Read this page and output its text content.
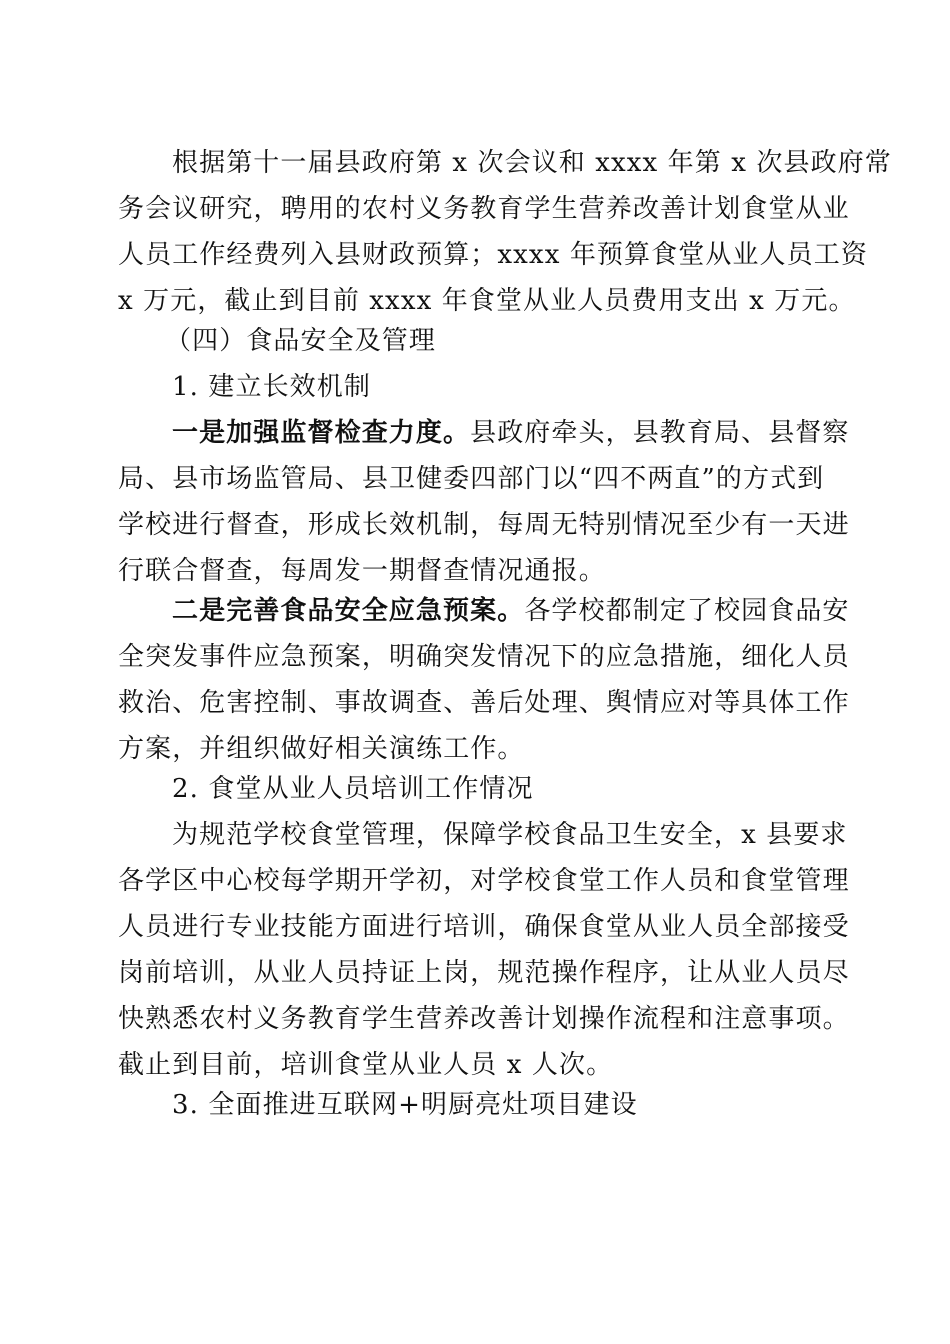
根据第十一届县政府第 x 次会议和 xxxx 年第 x 次县政府常
务会议研究，聘用的农村义务教育学生营养改善计划食堂从业
人员工作经费列入县财政预算；xxxx 年预算食堂从业人员工资
x 万元，截止到目前 xxxx 年食堂从业人员费用支出 x 万元。
（四）食品安全及管理
1. 建立长效机制
一是加强监督检查力度。县政府牵头，县教育局、县督察
局、县市场监管局、县卫健委四部门以“四不两直”的方式到
学校进行督查，形成长效机制，每周无特别情况至少有一天进
行联合督查，每周发一期督查情况通报。
二是完善食品安全应急预案。各学校都制定了校园食品安
全突发事件应急预案，明确突发情况下的应急措施，细化人员
救治、危害控制、事故调查、善后处理、舆情应对等具体工作
方案，并组织做好相关演练工作。
2. 食堂从业人员培训工作情况
为规范学校食堂管理，保障学校食品卫生安全，x 县要求
各学区中心校每学期开学初，对学校食堂工作人员和食堂管理
人员进行专业技能方面进行培训，确保食堂从业人员全部接受
岗前培训，从业人员持证上岗，规范操作程序，让从业人员尽
快熟悉农村义务教育学生营养改善计划操作流程和注意事项。
截止到目前，培训食堂从业人员 x 人次。
3. 全面推进互联网+明厨亮灶项目建设
